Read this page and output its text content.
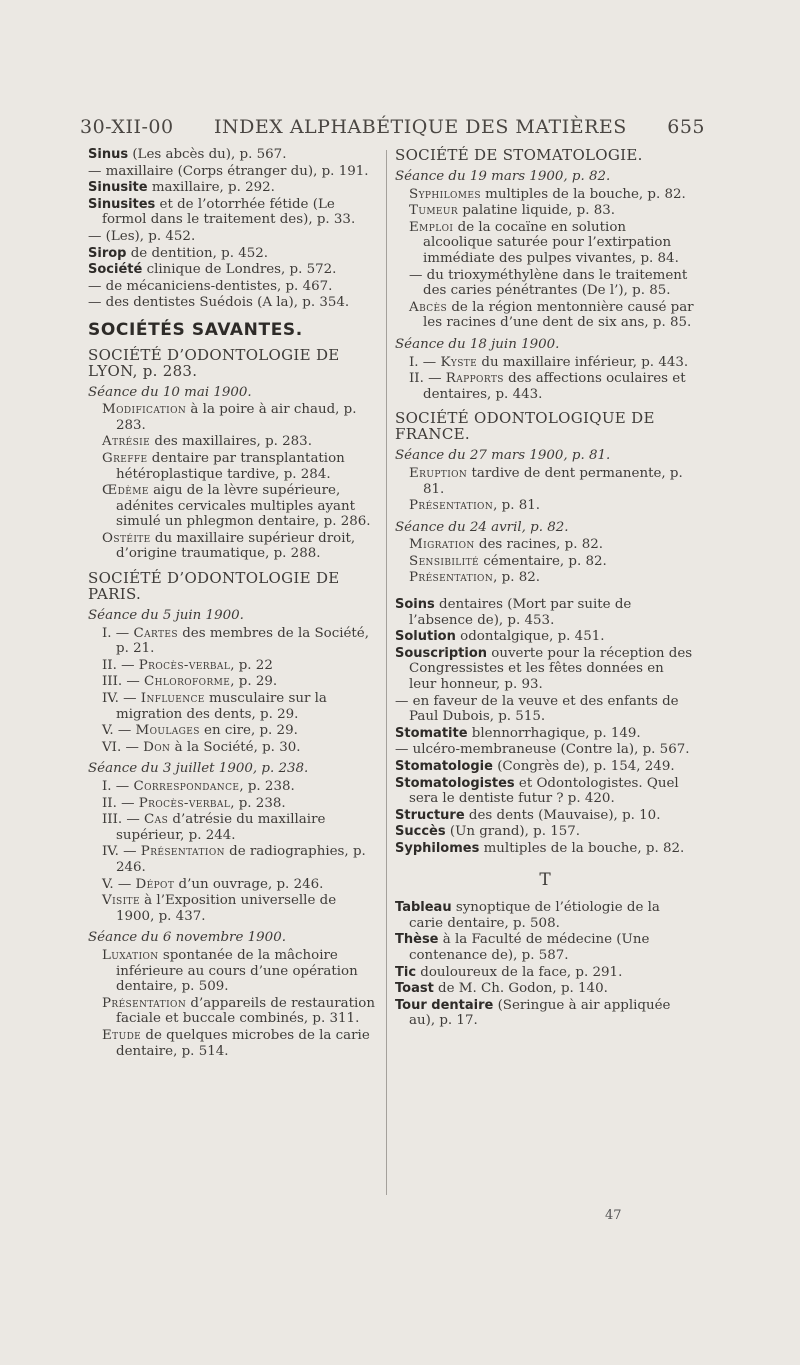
30-XII-00 INDEX ALPHABÉTIQUE DES MATIÈRES 655

Sinus (Les abcès du), p. 567.

— maxillaire (Corps étranger du), p. 191.

Sinusite maxillaire, p. 292.

Sinusites et de l’otorrhée fétide (Le formol dans le traitement des), p. 33.

— (Les), p. 452.

Sirop de dentition, p. 452.

Société clinique de Londres, p. 572.

— de mécaniciens-dentistes, p. 467.

— des dentistes Suédois (A la), p. 354.

SOCIÉTÉS SAVANTES.
SOCIÉTÉ D’ODONTOLOGIE DE LYON, p. 283.
Séance du 10 mai 1900.

Modification à la poire à air chaud, p. 283.

Atrésie des maxillaires, p. 283.

Greffe dentaire par transplantation hétéroplastique tardive, p. 284.

Œdème aigu de la lèvre supérieure, adénites cervicales multiples ayant simulé un phlegmon dentaire, p. 286.

Ostéite du maxillaire supérieur droit, d’origine traumatique, p. 288.

SOCIÉTÉ D’ODONTOLOGIE DE PARIS.
Séance du 5 juin 1900.

I. — Cartes des membres de la Société, p. 21.

II. — Procès-verbal, p. 22

III. — Chloroforme, p. 29.

IV. — Influence musculaire sur la migration des dents, p. 29.

V. — Moulages en cire, p. 29.

VI. — Don à la Société, p. 30.

Séance du 3 juillet 1900, p. 238.

I. — Correspondance, p. 238.

II. — Procès-verbal, p. 238.

III. — Cas d’atrésie du maxillaire supérieur, p. 244.

IV. — Présentation de radiographies, p. 246.

V. — Dépot d’un ouvrage, p. 246.

Visite à l’Exposition universelle de 1900, p. 437.

Séance du 6 novembre 1900.

Luxation spontanée de la mâchoire inférieure au cours d’une opération dentaire, p. 509.

Présentation d’appareils de restauration faciale et buccale combinés, p. 311.

Etude de quelques microbes de la carie dentaire, p. 514.

SOCIÉTÉ DE STOMATOLOGIE.
Séance du 19 mars 1900, p. 82.

Syphilomes multiples de la bouche, p. 82.

Tumeur palatine liquide, p. 83.

Emploi de la cocaïne en solution alcoolique saturée pour l’extirpation immédiate des pulpes vivantes, p. 84.

— du trioxyméthylène dans le traitement des caries pénétrantes (De l’), p. 85.

Abcès de la région mentonnière causé par les racines d’une dent de six ans, p. 85.

Séance du 18 juin 1900.

I. — Kyste du maxillaire inférieur, p. 443.

II. — Rapports des affections oculaires et dentaires, p. 443.

SOCIÉTÉ ODONTOLOGIQUE DE FRANCE.
Séance du 27 mars 1900, p. 81.

Eruption tardive de dent permanente, p. 81.

Présentation, p. 81.

Séance du 24 avril, p. 82.

Migration des racines, p. 82.

Sensibilité cémentaire, p. 82.

Présentation, p. 82.

Soins dentaires (Mort par suite de l’absence de), p. 453.

Solution odontalgique, p. 451.

Souscription ouverte pour la réception des Congressistes et les fêtes données en leur honneur, p. 93.

— en faveur de la veuve et des enfants de Paul Dubois, p. 515.

Stomatite blennorrhagique, p. 149.

— ulcéro-membraneuse (Contre la), p. 567.

Stomatologie (Congrès de), p. 154, 249.

Stomatologistes et Odontologistes. Quel sera le dentiste futur ? p. 420.

Structure des dents (Mauvaise), p. 10.

Succès (Un grand), p. 157.

Syphilomes multiples de la bouche, p. 82.

T

Tableau synoptique de l’étiologie de la carie dentaire, p. 508.

Thèse à la Faculté de médecine (Une contenance de), p. 587.

Tic douloureux de la face, p. 291.

Toast de M. Ch. Godon, p. 140.

Tour dentaire (Seringue à air appliquée au), p. 17.

47
